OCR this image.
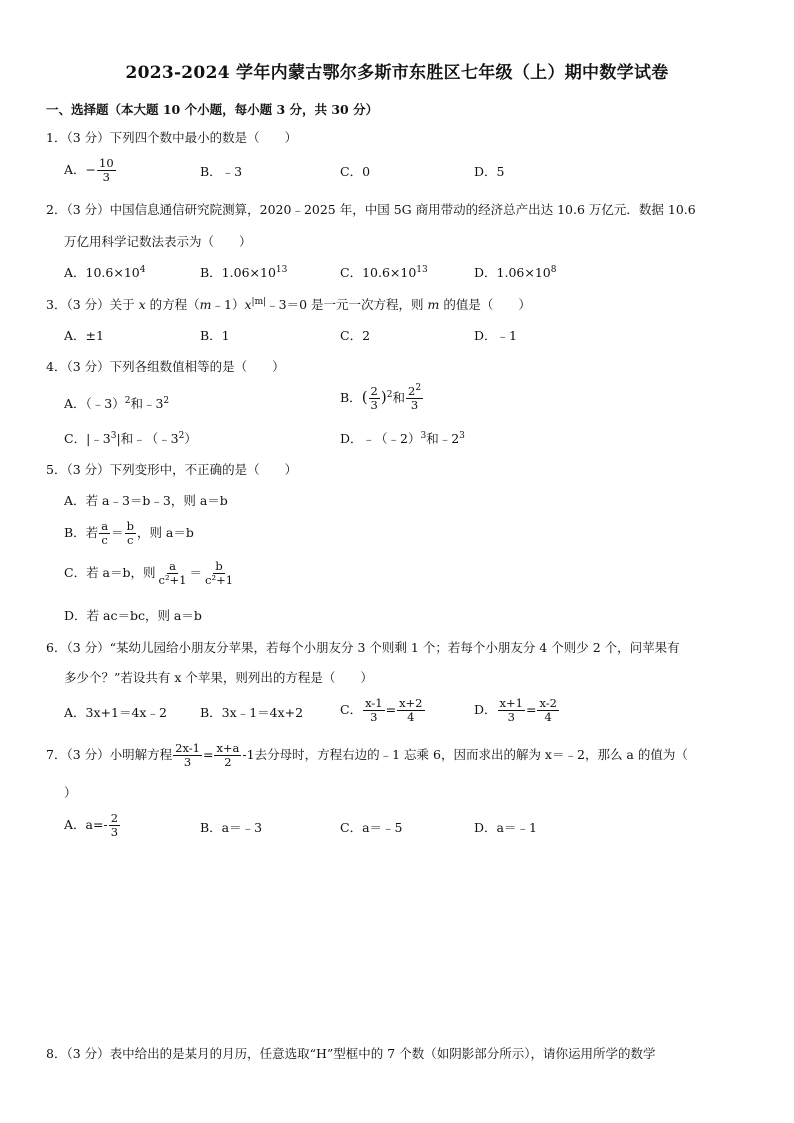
2023-2024 学年内蒙古鄂尔多斯市东胜区七年级（上）期中数学试卷
一、选择题（本大题 10 个小题，每小题 3 分，共 30 分）
1．（3 分）下列四个数中最小的数是（　　）
A．− $\frac{10}{3}$	B．﹣3	C．0	D．5
2．（3 分）中国信息通信研究院测算，2020﹣2025 年，中国 5G 商用带动的经济总产出达 10.6 万亿元．数据 10.6
万亿用科学记数法表示为（　　）
A．$10.6\times 10^4$	B．$1.06\times 10^{13}$	C．$10.6\times 10^{13}$	D．$1.06\times 10^8$
3．（3 分）关于 x 的方程$(m﹣1)x^{|m|}﹣3=0$ 是一元一次方程，则 m 的值是（　　）
A．±1	B．1	C．2	D．﹣1
4．（3 分）下列各组数值相等的是（　　）
A．（﹣3）$^2$和$﹣3^2$	B．( $\frac{2}{3} )^2$和 $\frac{2^2}{3}$
C．$|﹣3^3|$和$﹣(﹣3^2)$	D．﹣（﹣2）$^3$和$﹣2^3$
5．（3 分）下列变形中，不正确的是（　　）
A．若 a﹣3＝b﹣3，则 a＝b
B．若 $\frac{a}{c} = \frac{b}{c}$ ，则 a＝b
C．若 a＝b，则 $\frac{a}{\text{c²+1}} = \frac{b}{\text{c²+1}}$
D．若 ac＝bc，则 a＝b
6．（3 分）“某幼儿园给小朋友分苹果，若每个小朋友分 3 个则剩 1 个；若每个小朋友分 4 个则少 2 个，问苹果有
多少个？”若设共有 x 个苹果，则列出的方程是（　　）
A．3x+1＝4x﹣2	B．3x﹣1＝4x+2	C． $\frac{x-1}{3} = \frac{x+2}{4}$	D． $\frac{x+1}{3} = \frac{x-2}{4}$
7．（3 分）小明解方程 $\frac{2x-1}{3} = \frac{x+a}{2} -1$去分母时，方程右边的﹣1 忘乘 6，因而求出的解为 x＝﹣2，那么 a 的值为（
）
A．$a=- \frac{2}{3}$	B．a＝﹣3	C．a＝﹣5	D．a＝﹣1
8．（3 分）表中给出的是某月的月历，任意选取“H”型框中的 7 个数（如阴影部分所示），请你运用所学的数学
